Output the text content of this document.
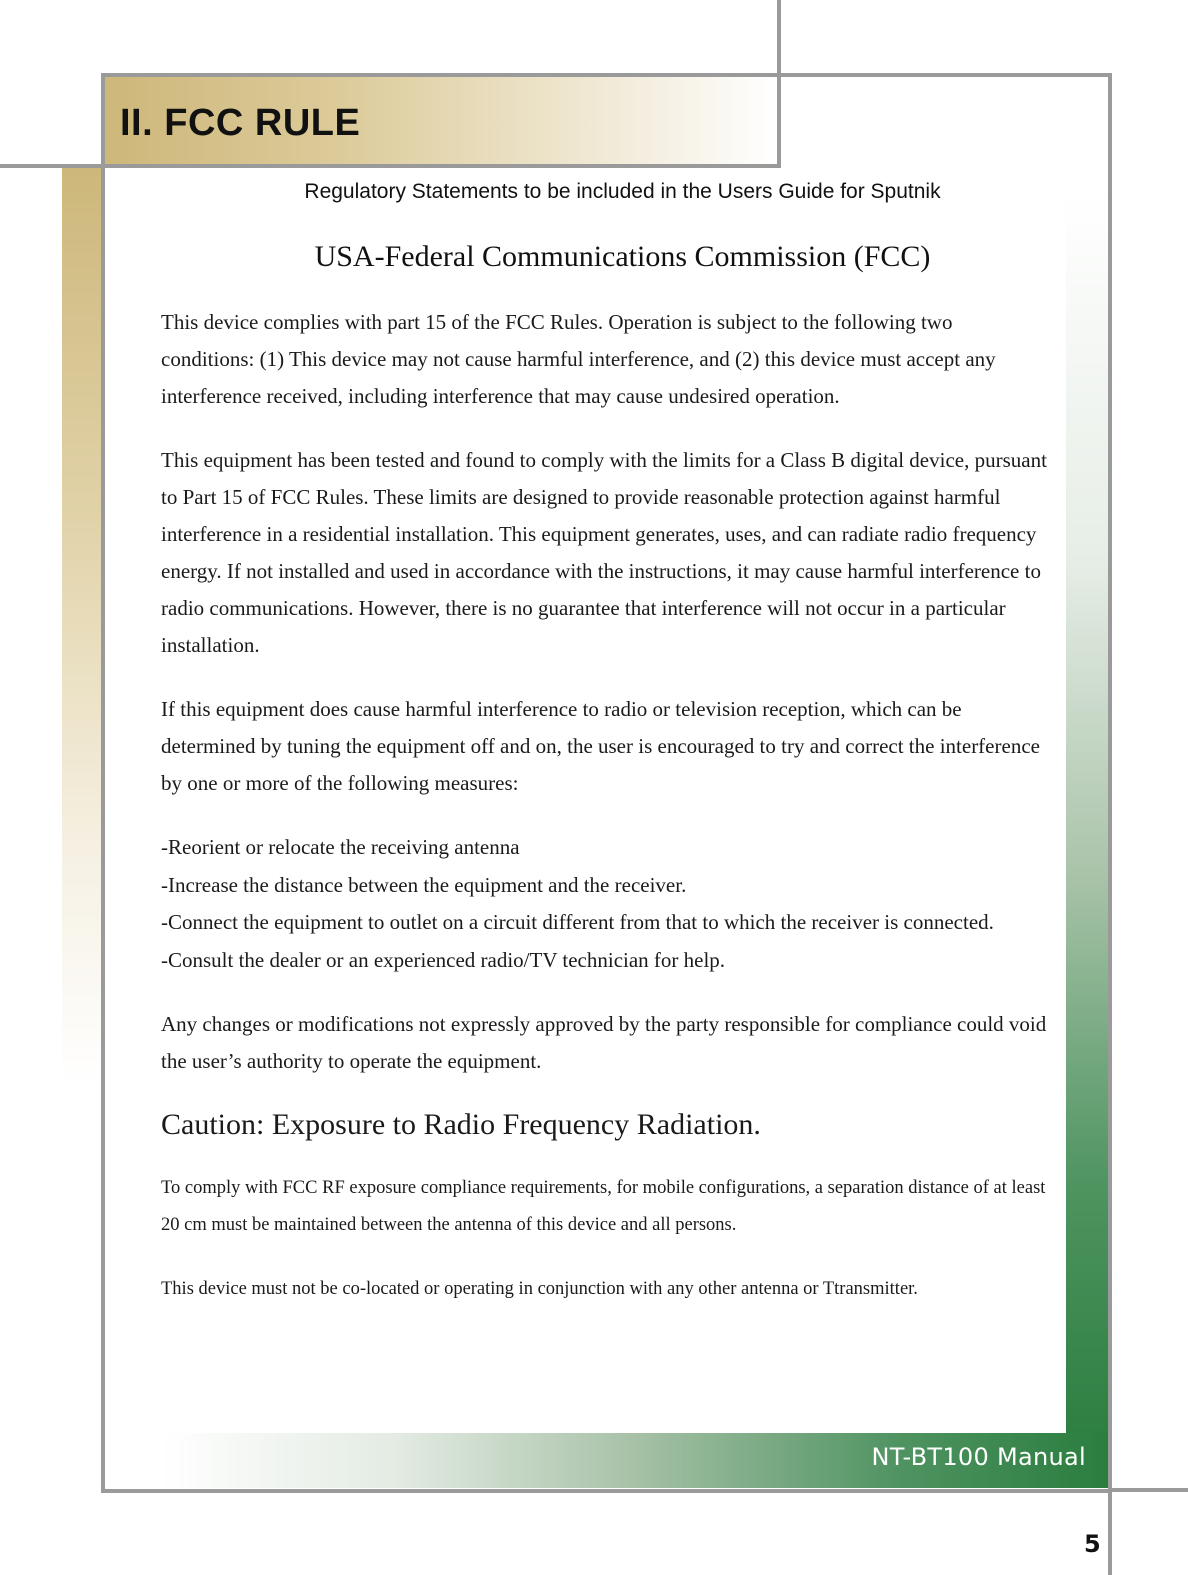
II. FCC RULE
Regulatory Statements to be included in the Users Guide for Sputnik
USA-Federal Communications Commission (FCC)

This device complies with part 15 of the FCC Rules. Operation is subject to the following two conditions: (1) This device may not cause harmful interference, and (2) this device must accept any interference received, including interference that may cause undesired operation.

This equipment has been tested and found to comply with the limits for a Class B digital device, pursuant to Part 15 of FCC Rules. These limits are designed to provide reasonable protection against harmful interference in a residential installation. This equipment generates, uses, and can radiate radio frequency energy. If not installed and used in accordance with the instructions, it may cause harmful interference to radio communications. However, there is no guarantee that interference will not occur in a particular installation.

If this equipment does cause harmful interference to radio or television reception, which can be determined by tuning the equipment off and on, the user is encouraged to try and correct the interference by one or more of the following measures:

-Reorient or relocate the receiving antenna

-Increase the distance between the equipment and the receiver.

-Connect the equipment to outlet on a circuit different from that to which the receiver is connected.

-Consult the dealer or an experienced radio/TV technician for help.

Any changes or modifications not expressly approved by the party responsible for compliance could void the user’s authority to operate the equipment.

Caution: Exposure to Radio Frequency Radiation.

To comply with FCC RF exposure compliance requirements, for mobile configurations, a separation distance of at least 20 cm must be maintained between the antenna of this device and all persons.

This device must not be co-located or operating in conjunction with any other antenna or Ttransmitter.

NT-BT100 Manual
5
